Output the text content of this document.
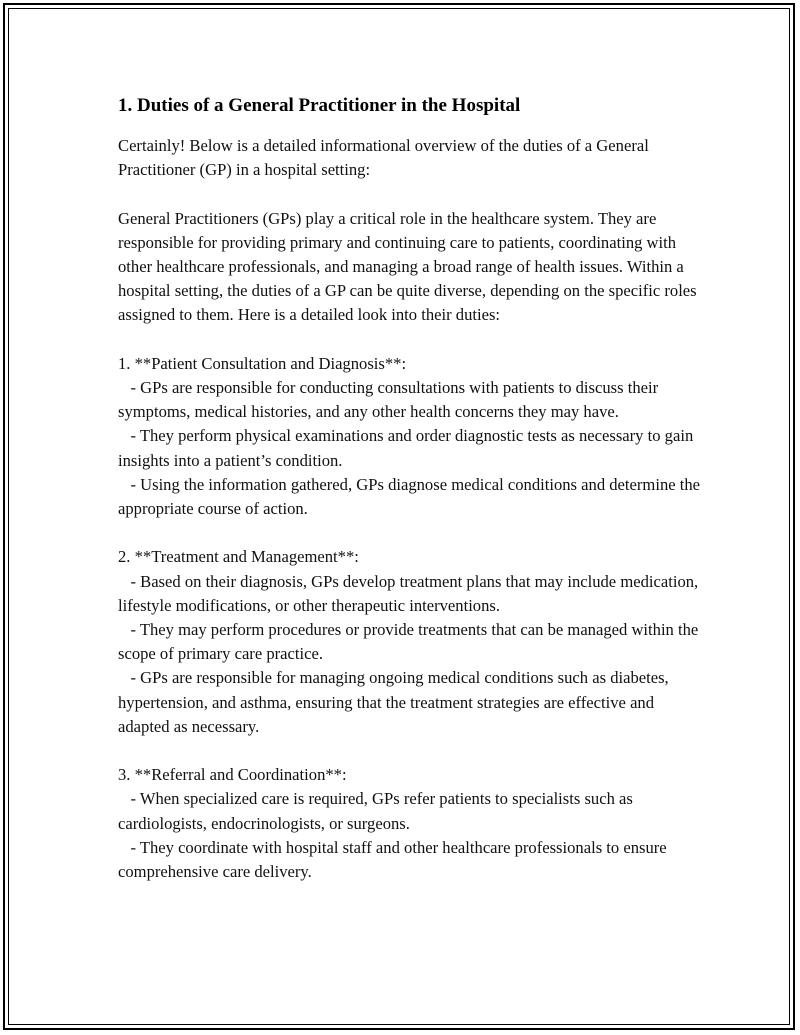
1. Duties of a General Practitioner in the Hospital

Certainly! Below is a detailed informational overview of the duties of a General Practitioner (GP) in a hospital setting:

General Practitioners (GPs) play a critical role in the healthcare system. They are responsible for providing primary and continuing care to patients, coordinating with other healthcare professionals, and managing a broad range of health issues. Within a hospital setting, the duties of a GP can be quite diverse, depending on the specific roles assigned to them. Here is a detailed look into their duties:

1. **Patient Consultation and Diagnosis**:

- GPs are responsible for conducting consultations with patients to discuss their symptoms, medical histories, and any other health concerns they may have.

- They perform physical examinations and order diagnostic tests as necessary to gain insights into a patient’s condition.

- Using the information gathered, GPs diagnose medical conditions and determine the appropriate course of action.

2. **Treatment and Management**:

- Based on their diagnosis, GPs develop treatment plans that may include medication, lifestyle modifications, or other therapeutic interventions.

- They may perform procedures or provide treatments that can be managed within the scope of primary care practice.

- GPs are responsible for managing ongoing medical conditions such as diabetes, hypertension, and asthma, ensuring that the treatment strategies are effective and adapted as necessary.

3. **Referral and Coordination**:

- When specialized care is required, GPs refer patients to specialists such as cardiologists, endocrinologists, or surgeons.

- They coordinate with hospital staff and other healthcare professionals to ensure comprehensive care delivery.
